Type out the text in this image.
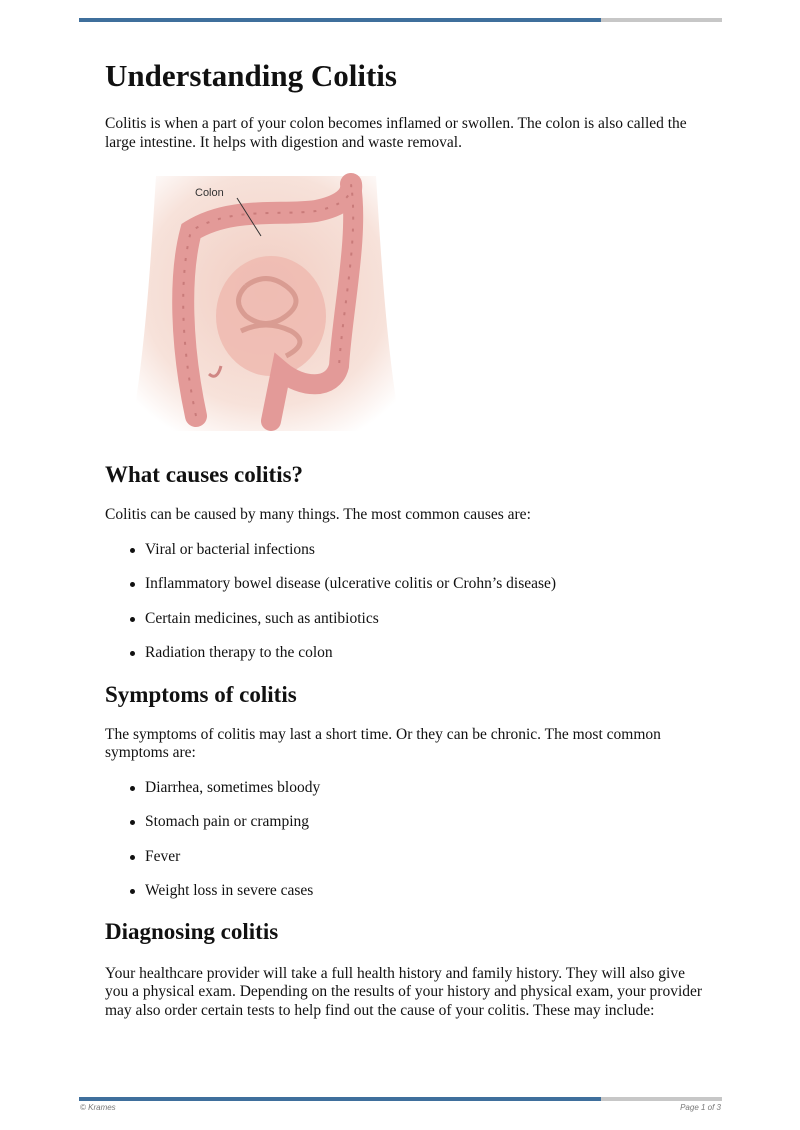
Understanding Colitis

Colitis is when a part of your colon becomes inflamed or swollen. The colon is also called the large intestine. It helps with digestion and waste removal.

Colon
What causes colitis?

Colitis can be caused by many things. The most common causes are:

Viral or bacterial infections
Inflammatory bowel disease (ulcerative colitis or Crohn’s disease)
Certain medicines, such as antibiotics
Radiation therapy to the colon
Symptoms of colitis

The symptoms of colitis may last a short time. Or they can be chronic. The most common symptoms are:

Diarrhea, sometimes bloody
Stomach pain or cramping
Fever
Weight loss in severe cases
Diagnosing colitis

Your healthcare provider will take a full health history and family history. They will also give you a physical exam. Depending on the results of your history and physical exam, your provider may also order certain tests to help find out the cause of your colitis. These may include:

© Krames	Page 1 of 3
